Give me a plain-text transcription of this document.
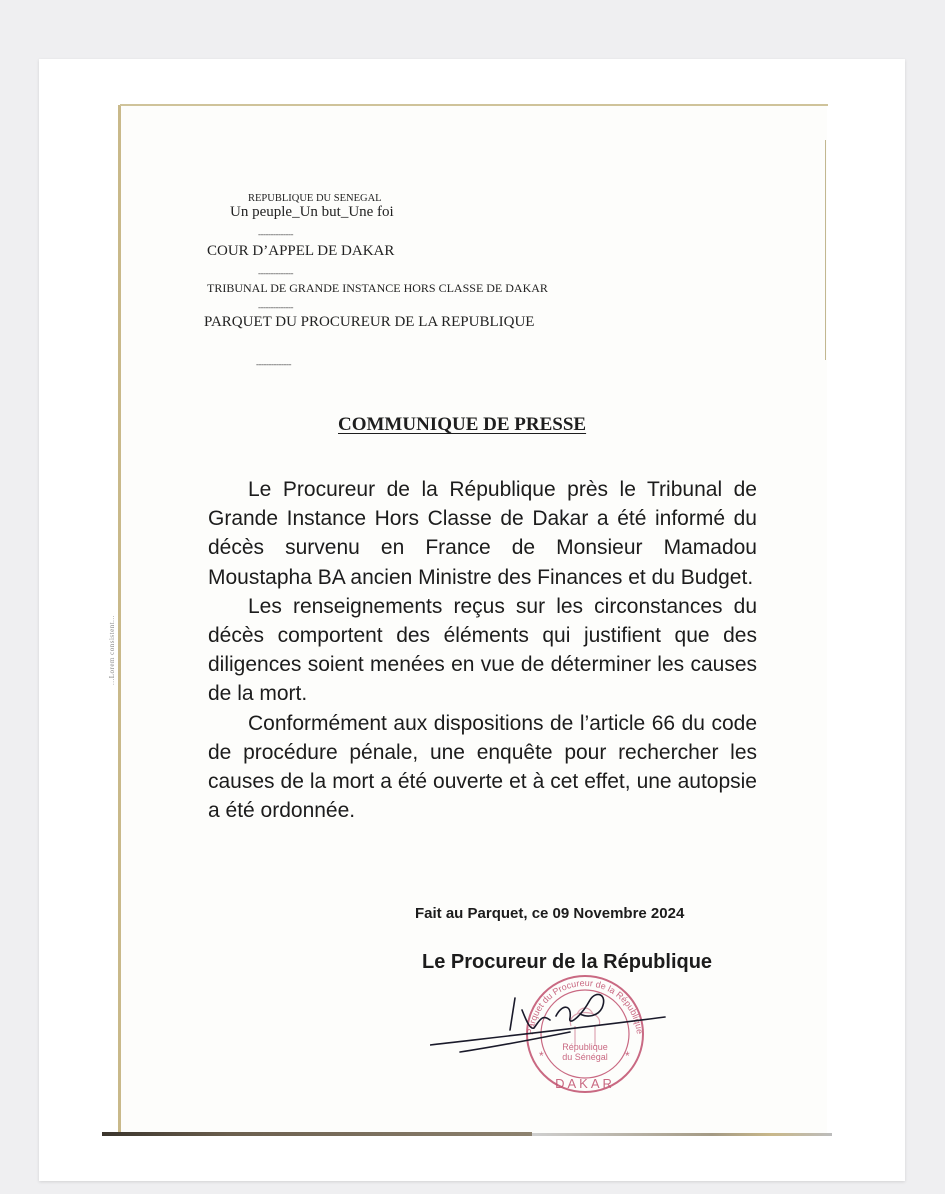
REPUBLIQUE DU SENEGAL
Un peuple_Un but_Une foi
--------------
COUR D’APPEL DE DAKAR
--------------
TRIBUNAL DE GRANDE INSTANCE HORS CLASSE DE DAKAR
--------------
PARQUET DU PROCUREUR DE LA REPUBLIQUE
--------------
...Lorem consistent...
COMMUNIQUE DE PRESSE

Le Procureur de la République près le Tribunal de Grande Instance Hors Classe de Dakar a été informé du décès survenu en France de Monsieur Mamadou Moustapha BA ancien Ministre des Finances et du Budget.

Les renseignements reçus sur les circonstances du décès comportent des éléments qui justifient que des diligences soient menées en vue de déterminer les causes de la mort.

Conformément aux dispositions de l’article 66 du code de procédure pénale, une enquête pour rechercher les causes de la mort a été ouverte et à cet effet, une autopsie a été ordonnée.

Fait au Parquet, ce 09 Novembre 2024
Le Procureur de la République
Parquet du Procureur de la République
République
du Sénégal
DAKAR
*	*
